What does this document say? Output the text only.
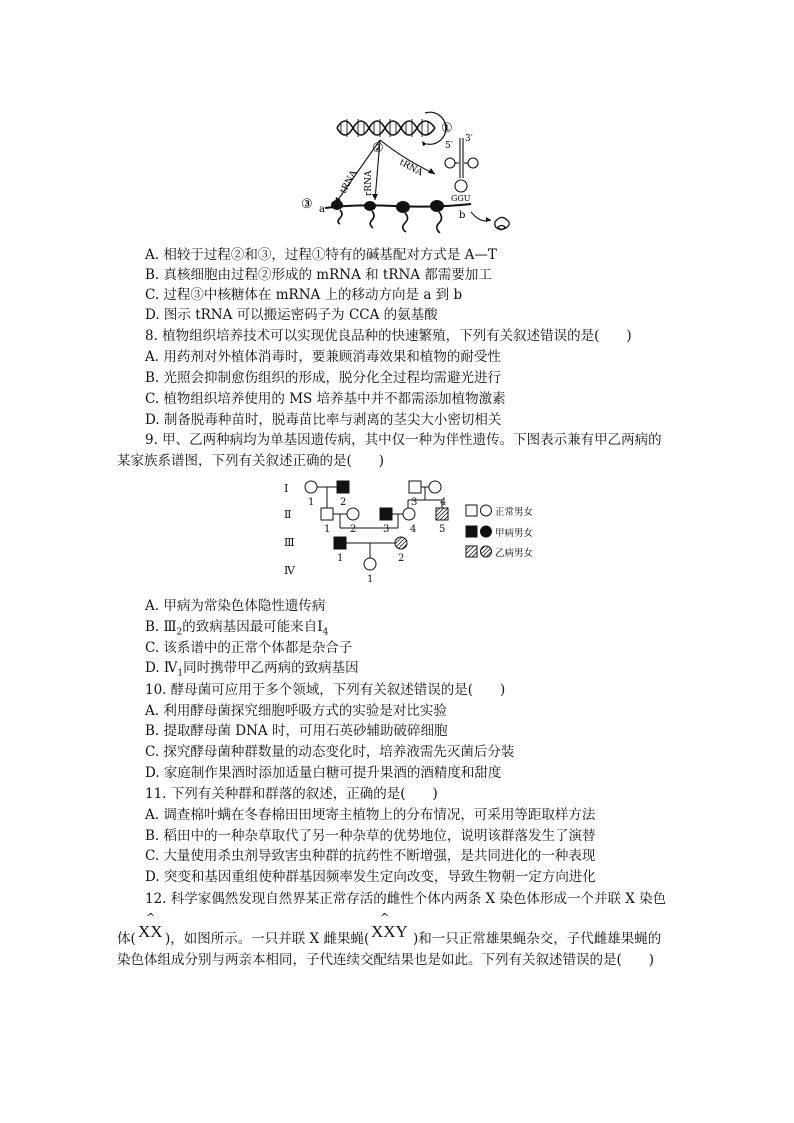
①
②
tRNA rRNA
tRNA
5′
3′
GGU
③ a
b
A. 相较于过程②和③，过程①特有的碱基配对方式是 A—T
B. 真核细胞由过程②形成的 mRNA 和 tRNA 都需要加工
C. 过程③中核糖体在 mRNA 上的移动方向是 a 到 b
D. 图示 tRNA 可以搬运密码子为 CCA 的氨基酸
8. 植物组织培养技术可以实现优良品种的快速繁殖，下列有关叙述错误的是(　　)
A. 用药剂对外植体消毒时，要兼顾消毒效果和植物的耐受性
B. 光照会抑制愈伤组织的形成，脱分化全过程均需避光进行
C. 植物组织培养使用的 MS 培养基中并不都需添加植物激素
D. 制备脱毒种苗时，脱毒苗比率与剥离的茎尖大小密切相关
9. 甲、乙两种病均为单基因遗传病，其中仅一种为伴性遗传。下图表示兼有甲乙两病的
某家族系谱图，下列有关叙述正确的是(　　)
Ⅰ
Ⅱ
Ⅲ
Ⅳ
1	2	3 4
1 2	3 4 5
1	2
1
正常男女
甲病男女
乙病男女
A. 甲病为常染色体隐性遗传病
B. $Ⅲ_2$的致病基因最可能来自$Ⅰ_4$
C. 该系谱中的正常个体都是杂合子
D. $Ⅳ_1$同时携带甲乙两病的致病基因
10. 酵母菌可应用于多个领域，下列有关叙述错误的是(　　)
A. 利用酵母菌探究细胞呼吸方式的实验是对比实验
B. 提取酵母菌 DNA 时，可用石英砂辅助破碎细胞
C. 探究酵母菌种群数量的动态变化时，培养液需先灭菌后分装
D. 家庭制作果酒时添加适量白糖可提升果酒的酒精度和甜度
11. 下列有关种群和群落的叙述，正确的是(　　)
A. 调查棉叶螨在冬春棉田田埂寄主植物上的分布情况，可采用等距取样方法
B. 稻田中的一种杂草取代了另一种杂草的优势地位，说明该群落发生了演替
C. 大量使用杀虫剂导致害虫种群的抗药性不断增强，是共同进化的一种表现
D. 突变和基因重组使种群基因频率发生定向改变，导致生物朝一定方向进化
12. 科学家偶然发现自然界某正常存活的雌性个体内两条 X 染色体形成一个并联 X 染色
体( XX
^
)，如图所示。一只并联 X 雌果蝇( XXY
^
)和一只正常雄果蝇杂交，子代雌雄果蝇的
染色体组成分别与两亲本相同，子代连续交配结果也是如此。下列有关叙述错误的是(　　)
